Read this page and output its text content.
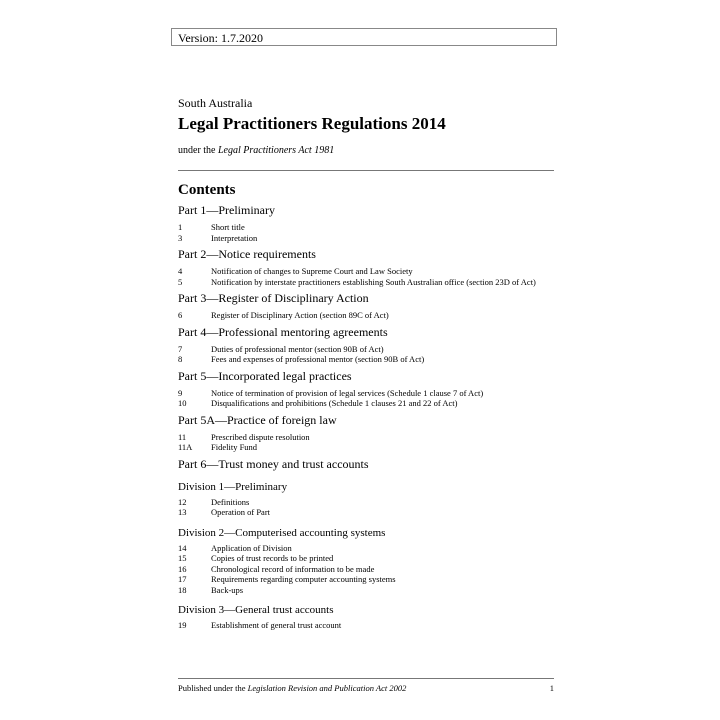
Version: 1.7.2020
South Australia
Legal Practitioners Regulations 2014
under the Legal Practitioners Act 1981
Contents
Part 1—Preliminary
1	Short title
3	Interpretation
Part 2—Notice requirements
4	Notification of changes to Supreme Court and Law Society
5	Notification by interstate practitioners establishing South Australian office (section 23D of Act)
Part 3—Register of Disciplinary Action
6	Register of Disciplinary Action (section 89C of Act)
Part 4—Professional mentoring agreements
7	Duties of professional mentor (section 90B of Act)
8	Fees and expenses of professional mentor (section 90B of Act)
Part 5—Incorporated legal practices
9	Notice of termination of provision of legal services (Schedule 1 clause 7 of Act)
10	Disqualifications and prohibitions (Schedule 1 clauses 21 and 22 of Act)
Part 5A—Practice of foreign law
11	Prescribed dispute resolution
11A	Fidelity Fund
Part 6—Trust money and trust accounts
Division 1—Preliminary
12	Definitions
13	Operation of Part
Division 2—Computerised accounting systems
14	Application of Division
15	Copies of trust records to be printed
16	Chronological record of information to be made
17	Requirements regarding computer accounting systems
18	Back-ups
Division 3—General trust accounts
19	Establishment of general trust account
Published under the Legislation Revision and Publication Act 2002	1
